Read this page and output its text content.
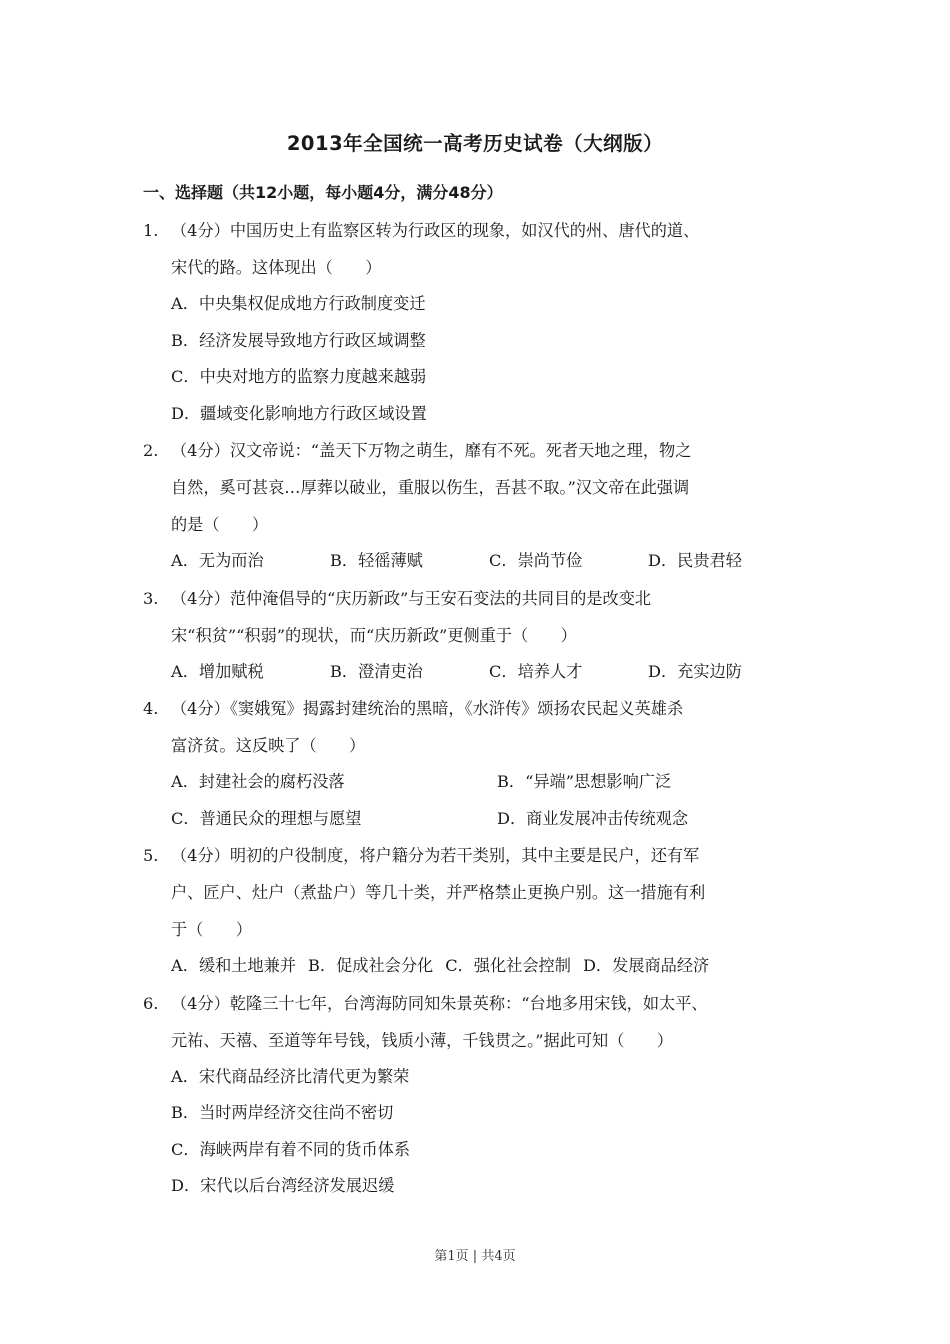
2013年全国统一高考历史试卷（大纲版）
一、选择题（共12小题，每小题4分，满分48分）
1. （4分）中国历史上有监察区转为行政区的现象，如汉代的州、唐代的道、
宋代的路。这体现出（　　）
A．中央集权促成地方行政制度变迁
B．经济发展导致地方行政区域调整
C．中央对地方的监察力度越来越弱
D．疆域变化影响地方行政区域设置
2. （4分）汉文帝说：“盖天下万物之萌生，靡有不死。死者天地之理，物之
自然，奚可甚哀…厚葬以破业，重服以伤生，吾甚不取。”汉文帝在此强调
的是（　　）
A．无为而治	B．轻徭薄赋	C．崇尚节俭	D．民贵君轻
3. （4分）范仲淹倡导的“庆历新政”与王安石变法的共同目的是改变北
宋“积贫”“积弱”的现状，而“庆历新政”更侧重于（　　）
A．增加赋税	B．澄清吏治	C．培养人才	D．充实边防
4. （4分）《窦娥冤》揭露封建统治的黑暗，《水浒传》颂扬农民起义英雄杀
富济贫。这反映了（　　）
A．封建社会的腐朽没落	B．“异端”思想影响广泛
C．普通民众的理想与愿望	D．商业发展冲击传统观念
5. （4分）明初的户役制度，将户籍分为若干类别，其中主要是民户，还有军
户、匠户、灶户（煮盐户）等几十类，并严格禁止更换户别。这一措施有利
于（　　）
A．缓和土地兼并 B．促成社会分化 C．强化社会控制 D．发展商品经济
6. （4分）乾隆三十七年，台湾海防同知朱景英称：“台地多用宋钱，如太平、
元祐、天禧、至道等年号钱，钱质小薄，千钱贯之。”据此可知（　　）
A．宋代商品经济比清代更为繁荣
B．当时两岸经济交往尚不密切
C．海峡两岸有着不同的货币体系
D．宋代以后台湾经济发展迟缓
第1页 | 共4页
